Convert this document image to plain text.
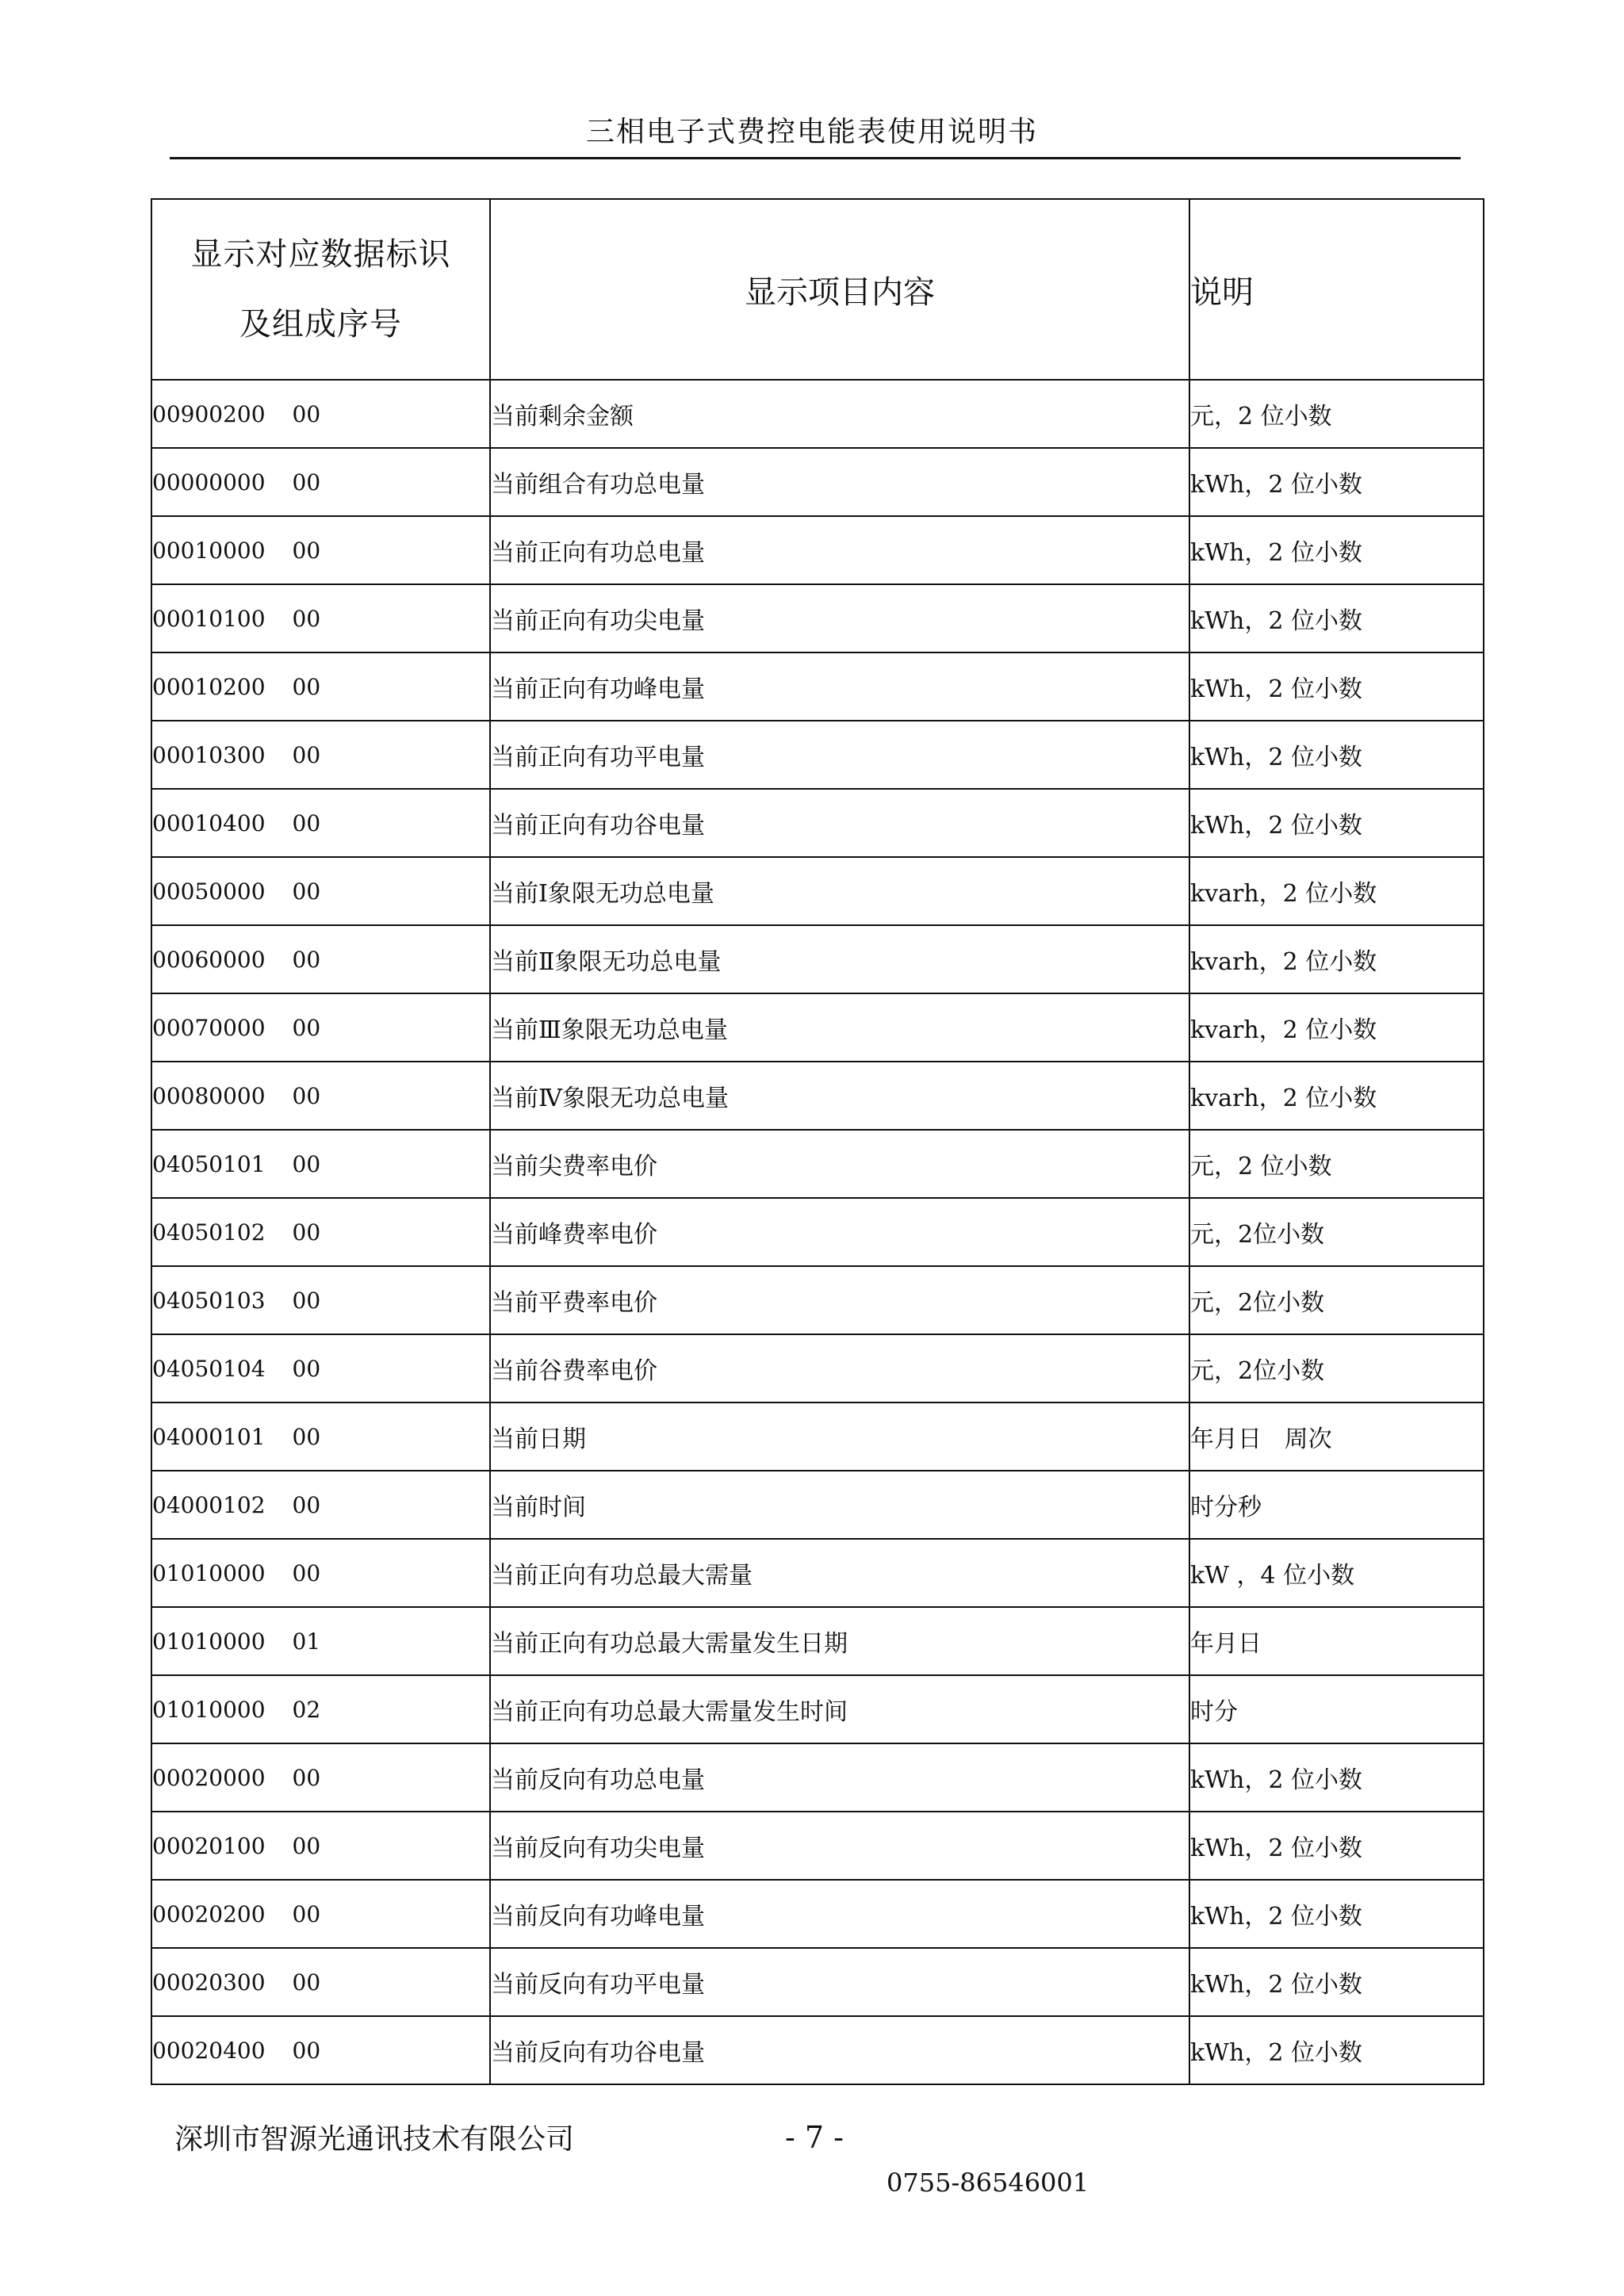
三相电子式费控电能表使用说明书
显示对应数据标识
及组成序号	显示项目内容	说明
00900200 00	当前剩余金额	元，2 位小数
00000000 00	当前组合有功总电量	kWh，2 位小数
00010000 00	当前正向有功总电量	kWh，2 位小数
00010100 00	当前正向有功尖电量	kWh，2 位小数
00010200 00	当前正向有功峰电量	kWh，2 位小数
00010300 00	当前正向有功平电量	kWh，2 位小数
00010400 00	当前正向有功谷电量	kWh，2 位小数
00050000 00	当前Ⅰ象限无功总电量	kvarh，2 位小数
00060000 00	当前Ⅱ象限无功总电量	kvarh，2 位小数
00070000 00	当前Ⅲ象限无功总电量	kvarh，2 位小数
00080000 00	当前Ⅳ象限无功总电量	kvarh，2 位小数
04050101 00	当前尖费率电价	元，2 位小数
04050102 00	当前峰费率电价	元，2位小数
04050103 00	当前平费率电价	元，2位小数
04050104 00	当前谷费率电价	元，2位小数
04000101 00	当前日期	年月日   周次
04000102 00	当前时间	时分秒
01010000 00	当前正向有功总最大需量	kW ，4 位小数
01010000 01	当前正向有功总最大需量发生日期	年月日
01010000 02	当前正向有功总最大需量发生时间	时分
00020000 00	当前反向有功总电量	kWh，2 位小数
00020100 00	当前反向有功尖电量	kWh，2 位小数
00020200 00	当前反向有功峰电量	kWh，2 位小数
00020300 00	当前反向有功平电量	kWh，2 位小数
00020400 00	当前反向有功谷电量	kWh，2 位小数
深圳市智源光通讯技术有限公司	- 7 -
0755-86546001
